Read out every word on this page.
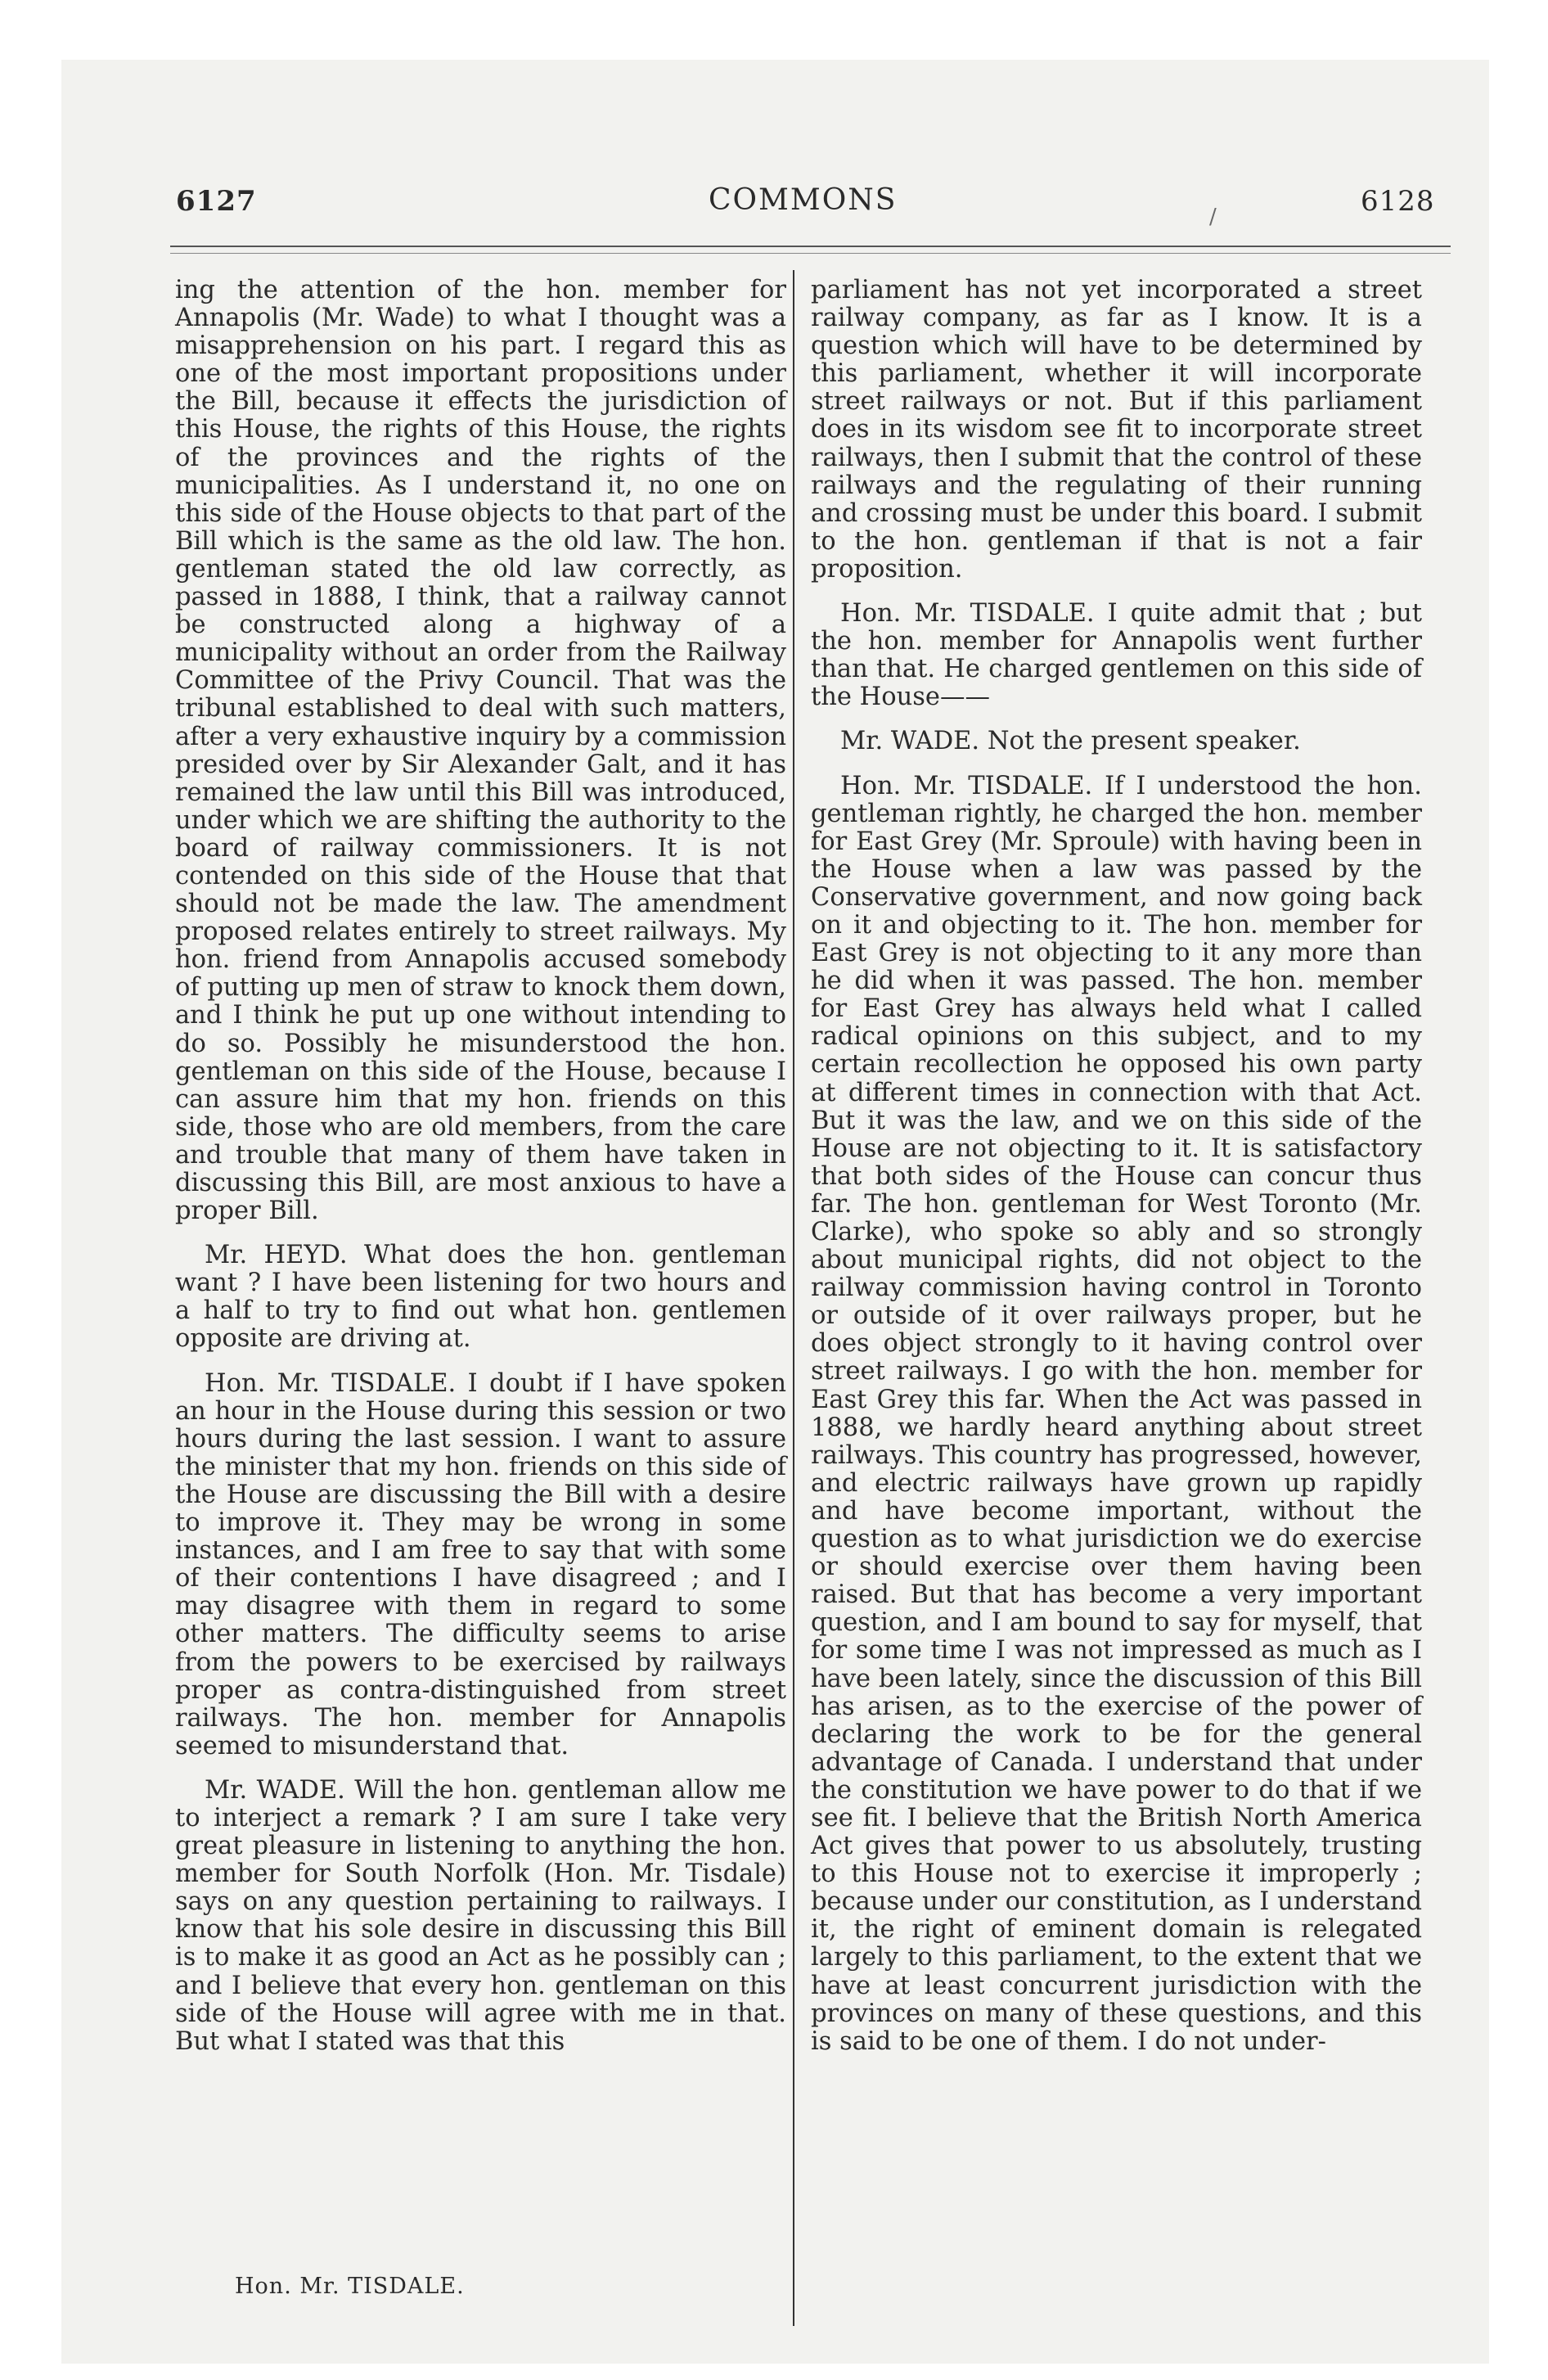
6127	COMMONS	/	6128

ing the attention of the hon. member for Annapolis (Mr. Wade) to what I thought was a misapprehension on his part. I regard this as one of the most important propositions under the Bill, because it effects the jurisdiction of this House, the rights of this House, the rights of the provinces and the rights of the municipalities. As I understand it, no one on this side of the House objects to that part of the Bill which is the same as the old law. The hon. gentleman stated the old law correctly, as passed in 1888, I think, that a railway cannot be constructed along a highway of a municipality without an order from the Railway Committee of the Privy Council. That was the tribunal established to deal with such matters, after a very exhaustive inquiry by a commission presided over by Sir Alexander Galt, and it has remained the law until this Bill was introduced, under which we are shifting the authority to the board of railway commissioners. It is not contended on this side of the House that that should not be made the law. The amendment proposed relates entirely to street railways. My hon. friend from Annapolis accused somebody of putting up men of straw to knock them down, and I think he put up one without intending to do so. Possibly he misunderstood the hon. gentleman on this side of the House, because I can assure him that my hon. friends on this side, those who are old members, from the care and trouble that many of them have taken in discussing this Bill, are most anxious to have a proper Bill.

Mr. HEYD. What does the hon. gentleman want ? I have been listening for two hours and a half to try to find out what hon. gentlemen opposite are driving at.

Hon. Mr. TISDALE. I doubt if I have spoken an hour in the House during this session or two hours during the last session. I want to assure the minister that my hon. friends on this side of the House are discussing the Bill with a desire to improve it. They may be wrong in some instances, and I am free to say that with some of their contentions I have disagreed ; and I may disagree with them in regard to some other matters. The difficulty seems to arise from the powers to be exercised by railways proper as contra-distinguished from street railways. The hon. member for Annapolis seemed to misunderstand that.

Mr. WADE. Will the hon. gentleman allow me to interject a remark ? I am sure I take very great pleasure in listening to anything the hon. member for South Norfolk (Hon. Mr. Tisdale) says on any question pertaining to railways. I know that his sole desire in discussing this Bill is to make it as good an Act as he possibly can ; and I believe that every hon. gentleman on this side of the House will agree with me in that. But what I stated was that this

parliament has not yet incorporated a street railway company, as far as I know. It is a question which will have to be determined by this parliament, whether it will incorporate street railways or not. But if this parliament does in its wisdom see fit to incorporate street railways, then I submit that the control of these railways and the regulating of their running and crossing must be under this board. I submit to the hon. gentleman if that is not a fair proposition.

Hon. Mr. TISDALE. I quite admit that ; but the hon. member for Annapolis went further than that. He charged gentlemen on this side of the House——

Mr. WADE. Not the present speaker.

Hon. Mr. TISDALE. If I understood the hon. gentleman rightly, he charged the hon. member for East Grey (Mr. Sproule) with having been in the House when a law was passed by the Conservative government, and now going back on it and objecting to it. The hon. member for East Grey is not objecting to it any more than he did when it was passed. The hon. member for East Grey has always held what I called radical opinions on this subject, and to my certain recollection he opposed his own party at different times in connection with that Act. But it was the law, and we on this side of the House are not objecting to it. It is satisfactory that both sides of the House can concur thus far. The hon. gentleman for West Toronto (Mr. Clarke), who spoke so ably and so strongly about municipal rights, did not object to the railway commission having control in Toronto or outside of it over railways proper, but he does object strongly to it having control over street railways. I go with the hon. member for East Grey this far. When the Act was passed in 1888, we hardly heard anything about street railways. This country has progressed, however, and electric railways have grown up rapidly and have become important, without the question as to what jurisdiction we do exercise or should exercise over them having been raised. But that has become a very important question, and I am bound to say for myself, that for some time I was not impressed as much as I have been lately, since the discussion of this Bill has arisen, as to the exercise of the power of declaring the work to be for the general advantage of Canada. I understand that under the constitution we have power to do that if we see fit. I believe that the British North America Act gives that power to us absolutely, trusting to this House not to exercise it improperly ; because under our constitution, as I understand it, the right of eminent domain is relegated largely to this parliament, to the extent that we have at least concurrent jurisdiction with the provinces on many of these questions, and this is said to be one of them. I do not under-

Hon. Mr. TISDALE.
